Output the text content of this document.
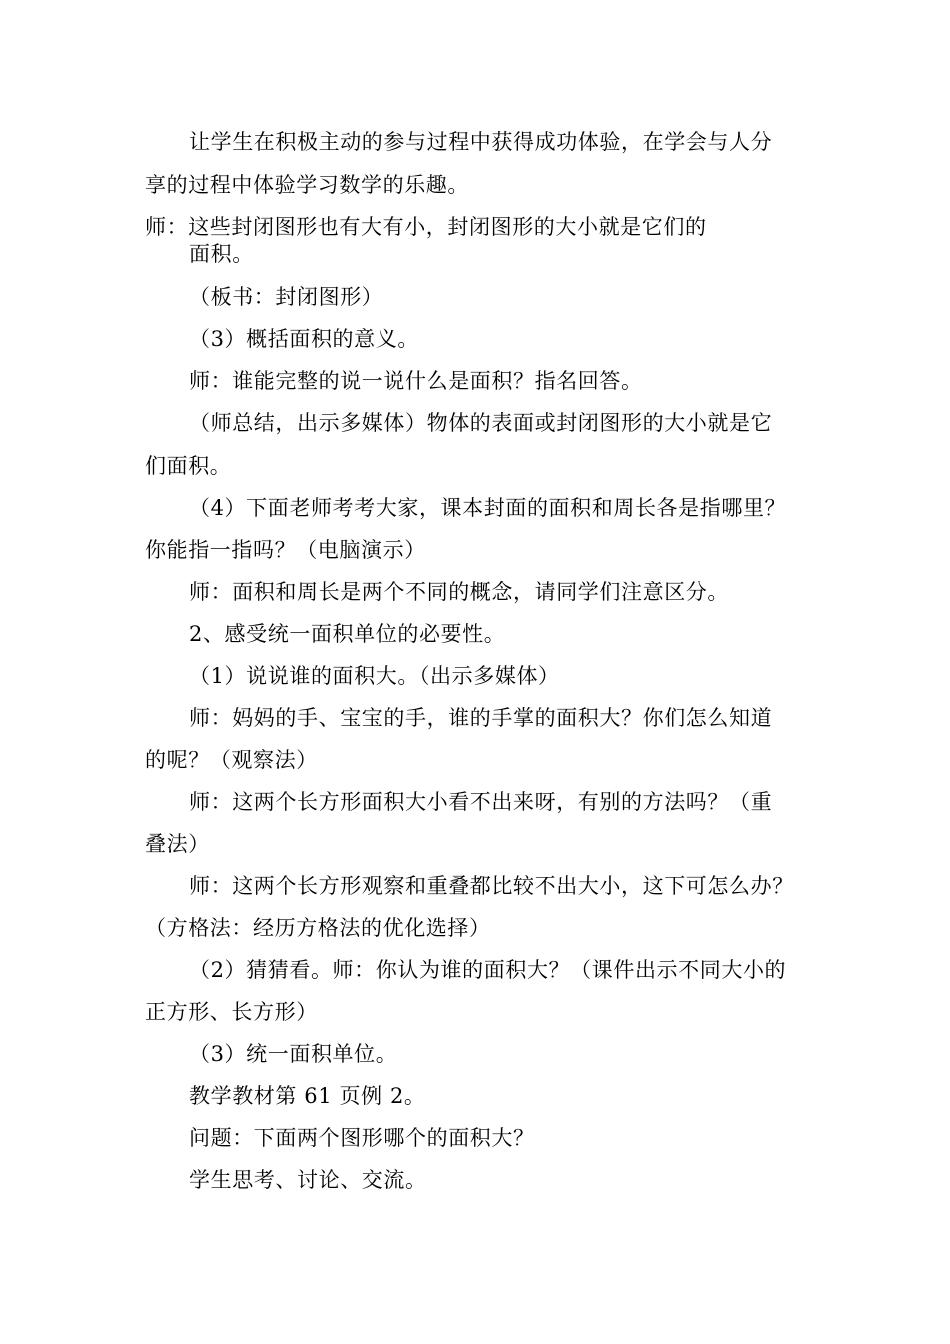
让学生在积极主动的参与过程中获得成功体验，在学会与人分
享的过程中体验学习数学的乐趣。
师：这些封闭图形也有大有小，封闭图形的大小就是它们的
面积。
（板书：封闭图形）
（3）概括面积的意义。
师：谁能完整的说一说什么是面积？指名回答。
（师总结，出示多媒体）物体的表面或封闭图形的大小就是它
们面积。
（4）下面老师考考大家，课本封面的面积和周长各是指哪里？
你能指一指吗？（电脑演示）
师：面积和周长是两个不同的概念，请同学们注意区分。
2、感受统一面积单位的必要性。
（1）说说谁的面积大。（出示多媒体）
师：妈妈的手、宝宝的手，谁的手掌的面积大？你们怎么知道
的呢？（观察法）
师：这两个长方形面积大小看不出来呀，有别的方法吗？（重
叠法）
师：这两个长方形观察和重叠都比较不出大小，这下可怎么办？
（方格法：经历方格法的优化选择）
（2）猜猜看。师：你认为谁的面积大？（课件出示不同大小的
正方形、长方形）
（3）统一面积单位。
教学教材第 61 页例 2。
问题：下面两个图形哪个的面积大？
学生思考、讨论、交流。
